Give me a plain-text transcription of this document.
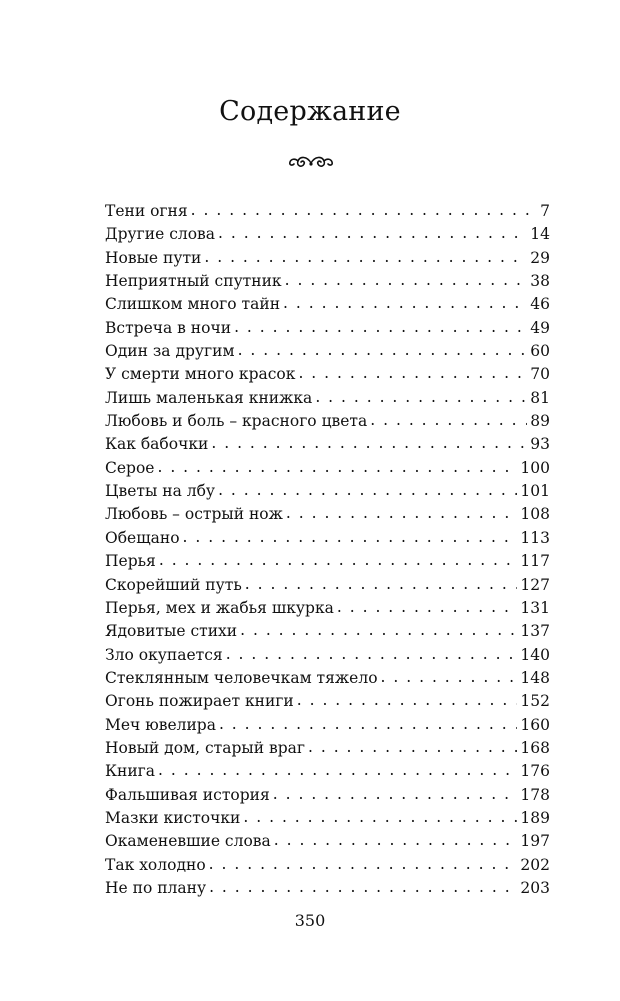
Содержание
Тени огня . . .	7
Другие слова . . .	14
Новые пути . . .	29
Неприятный спутник . . .	38
Слишком много тайн . . .	46
Встреча в ночи . . .	49
Один за другим . . .	60
У смерти много красок . . .	70
Лишь маленькая книжка . . .	81
Любовь и боль – красного цвета . . .	89
Как бабочки . . .	93
Серое . . .	100
Цветы на лбу . . .	101
Любовь – острый нож . . .	108
Обещано . . .	113
Перья . . .	117
Скорейший путь . . .	127
Перья, мех и жабья шкурка . . .	131
Ядовитые стихи . . .	137
Зло окупается . . .	140
Стеклянным человечкам тяжело . . .	148
Огонь пожирает книги . . .	152
Меч ювелира . . .	160
Новый дом, старый враг . . .	168
Книга . . .	176
Фальшивая история . . .	178
Мазки кисточки . . .	189
Окаменевшие слова . . .	197
Так холодно . . .	202
Не по плану . . .	203
350
